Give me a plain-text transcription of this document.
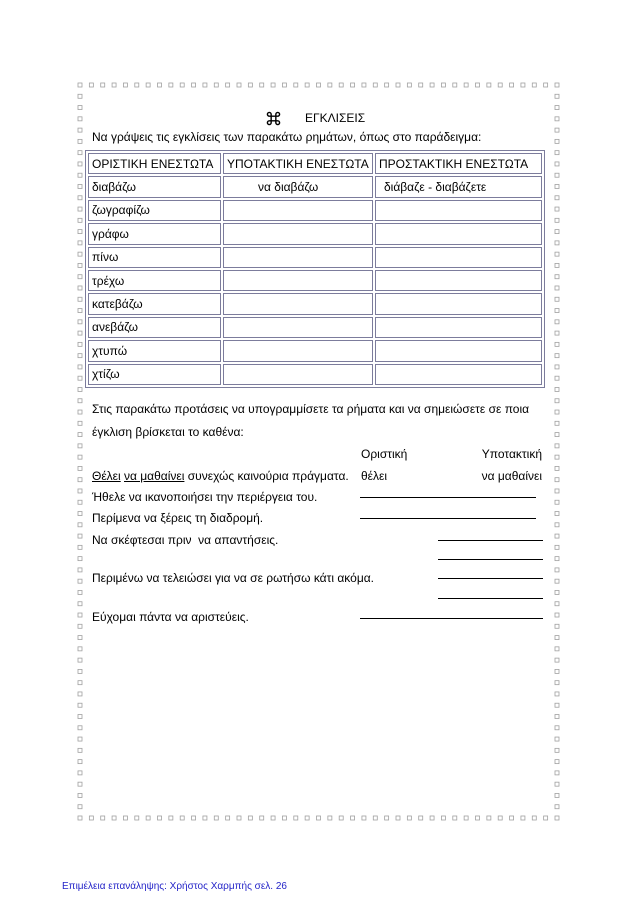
ΕΓΚΛΙΣΕΙΣ
Να γράψεις τις εγκλίσεις των παρακάτω ρημάτων, όπως στο παράδειγμα:
ΟΡΙΣΤΙΚΗ ΕΝΕΣΤΩΤΑ	ΥΠΟΤΑΚΤΙΚΗ ΕΝΕΣΤΩΤΑ	ΠΡΟΣΤΑΚΤΙΚΗ ΕΝΕΣΤΩΤΑ
διαβάζω	να διαβάζω	διάβαζε - διαβάζετε
ζωγραφίζω		
γράφω		
πίνω		
τρέχω		
κατεβάζω		
ανεβάζω		
χτυπώ		
χτίζω		
Στις παρακάτω προτάσεις να υπογραμμίσετε τα ρήματα και να σημειώσετε σε ποια
έγκλιση βρίσκεται το καθένα:
Οριστική	Υποτακτική
Θέλει να μαθαίνει συνεχώς καινούρια πράγματα. θέλει	να μαθαίνει
Ήθελε να ικανοποιήσει την περιέργεια του.
Περίμενα να ξέρεις τη διαδρομή.
Να σκέφτεσαι πριν  να απαντήσεις.
Περιμένω να τελειώσει για να σε ρωτήσω κάτι ακόμα.
Εύχομαι πάντα να αριστεύεις.
Επιμέλεια επανάληψης: Χρήστος Χαρμπής σελ. 26
